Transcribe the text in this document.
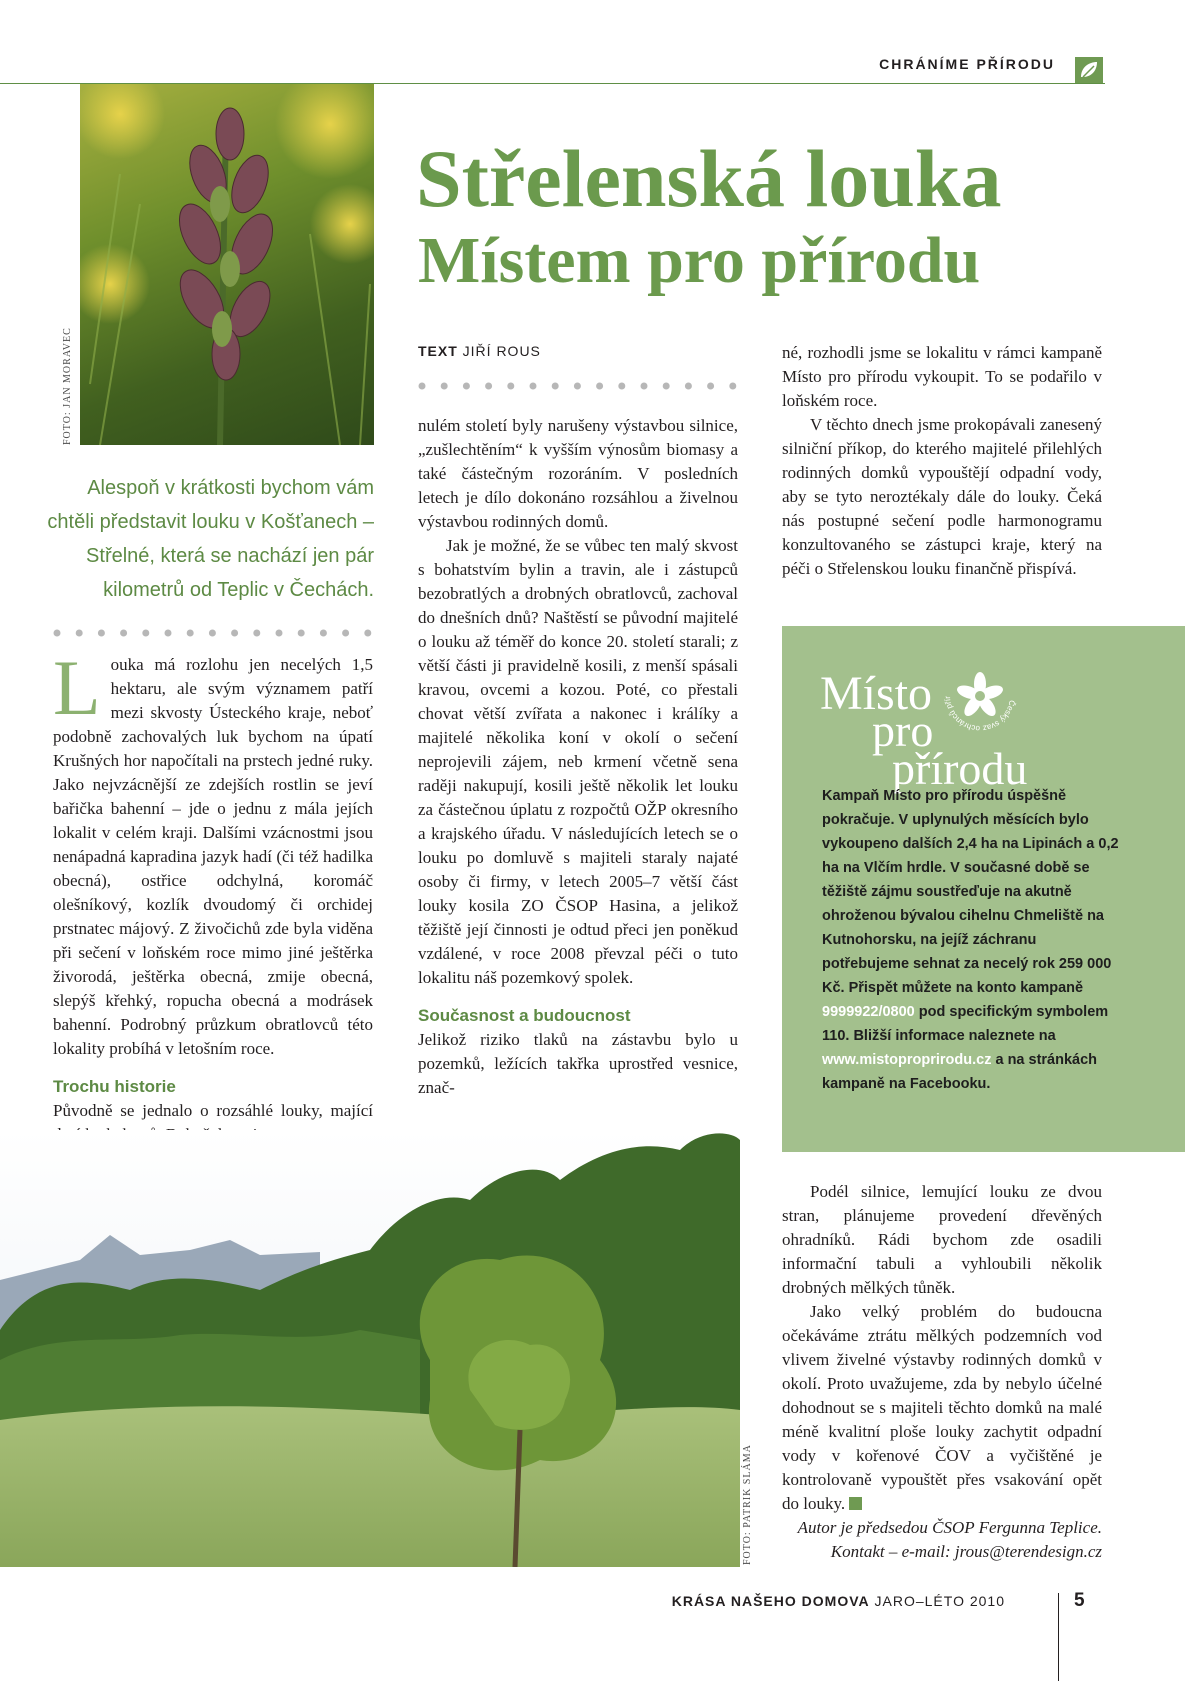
CHRÁNÍME PŘÍRODU
FOTO: JAN MORAVEC
Střelenská louka
Místem pro přírodu
TEXT JIŘÍ ROUS
Alespoň v krátkosti bychom vám chtěli představit louku v Košťanech – Střelné, která se nachází jen pár kilometrů od Teplic v Čechách.

Louka má rozlohu jen necelých 1,5 hektaru, ale svým významem patří mezi skvosty Ústeckého kraje, neboť podobně zachovalých luk bychom na úpatí Krušných hor napočítali na prstech jedné ruky. Jako nejvzácnější ze zdejších rostlin se jeví bařička bahenní – jde o jednu z mála jejích lokalit v celém kraji. Dalšími vzácnostmi jsou nenápadná kapradina jazyk hadí (či též hadilka obecná), ostřice odchylná, koromáč olešníkový, kozlík dvoudomý či orchidej prstnatec májový. Z živočichů zde byla viděna při sečení v loňském roce mimo jiné ještěrka živorodá, ještěrka obecná, zmije obecná, slepýš křehký, ropucha obecná a modrásek bahenní. Podrobný průzkum obratlovců této lokality probíhá v letošním roce.

Trochu historie

Původně se jednalo o rozsáhlé louky, mající

nulém století byly narušeny výstavbou silnice, „zušlechtěním“ k vyšším výnosům biomasy a také částečným rozoráním. V posledních letech je dílo dokonáno rozsáhlou a živelnou výstavbou rodinných domů.

Jak je možné, že se vůbec ten malý skvost s bohatstvím bylin a travin, ale i zástupců bezobratlých a drobných obratlovců, zachoval do dnešních dnů? Naštěstí se původní majitelé o louku až téměř do konce 20. století starali; z větší části ji pravidelně kosili, z menší spásali kravou, ovcemi a kozou. Poté, co přestali chovat větší zvířata a nakonec i králíky a majitelé několika koní v okolí o sečení neprojevili zájem, neb krmení včetně sena raději nakupují, kosili ještě několik let louku za částečnou úplatu z rozpočtů OŽP okresního a krajského úřadu. V následujících letech se o louku po domluvě s majiteli staraly najaté osoby či firmy, v letech 2005–7 větší část louky kosila ZO ČSOP Hasina, a jelikož těžiště její činnosti je odtud přeci jen poněkud vzdálené, v roce 2008 převzal péči o tuto lokalitu náš pozemkový spolek.

Současnost a budoucnost

Jelikož riziko tlaků na zástavbu bylo u pozemků, ležících takřka uprostřed vesnice, znač-

né, rozhodli jsme se lokalitu v rámci kampaně Místo pro přírodu vykoupit. To se podařilo v loňském roce.

V těchto dnech jsme prokopávali zanesený silniční příkop, do kterého majitelé přilehlých rodinných domků vypouštějí odpadní vody, aby se tyto neroztékaly dále do louky. Čeká nás postupné sečení podle harmonogramu konzultovaného se zástupci kraje, který na péči o Střelenskou louku finančně přispívá.

Místo
pro
přírodu
Český svaz ochránců přír
Kampaň Místo pro přírodu úspěšně pokračuje. V uplynulých měsících bylo vykoupeno dalších 2,4 ha na Lipinách a 0,2 ha na Vlčím hrdle. V současné době se těžiště zájmu soustřeďuje na akutně ohroženou bývalou cihelnu Chmeliště na Kutnohorsku, na jejíž záchranu potřebujeme sehnat za necelý rok 259 000 Kč. Přispět můžete na konto kampaně 9999922/0800 pod specifickým symbolem 110. Bližší informace naleznete na www.mistoproprirodu.cz a na stránkách kampaně na Facebooku.

Podél silnice, lemující louku ze dvou stran, plánujeme provedení dřevěných ohradníků. Rádi bychom zde osadili informační tabuli a vyhloubili několik drobných mělkých tůněk.

Jako velký problém do budoucna očekáváme ztrátu mělkých podzemních vod vlivem živelné výstavby rodinných domků v okolí. Proto uvažujeme, zda by nebylo účelné dohodnout se s majiteli těchto domků na malé méně kvalitní ploše louky zachytit odpadní vody v kořenové ČOV a vyčištěné je kontrolovaně vypouštět přes vsakování opět do louky.

Autor je předsedou ČSOP Fergunna Teplice.

Kontakt – e-mail: jrous@terendesign.cz

FOTO: PATRIK SLÁMA
KRÁSA NAŠEHO DOMOVA JARO–LÉTO 2010	5
